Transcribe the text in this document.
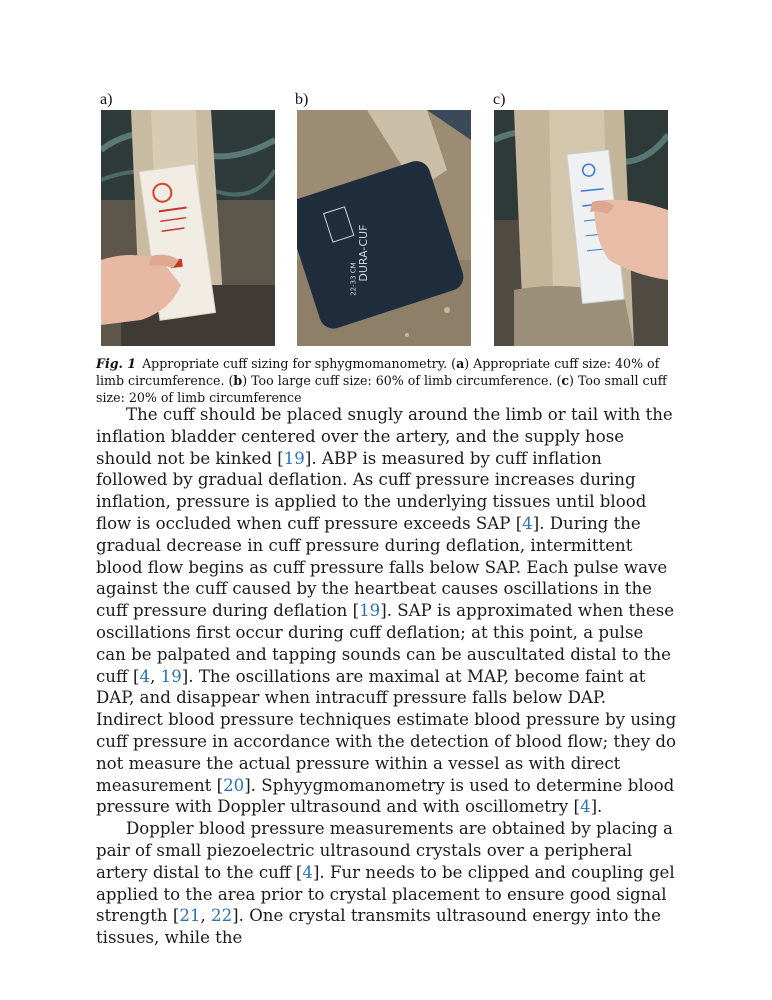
a)	b)	c)
DURA-CUF
22-33 CM
Fig. 1 Appropriate cuff sizing for sphygmomanometry. (a) Appropriate cuff size: 40% of limb circumference. (b) Too large cuff size: 60% of limb circumference. (c) Too small cuff size: 20% of limb circumference

The cuff should be placed snugly around the limb or tail with the inflation bladder centered over the artery, and the supply hose should not be kinked [19]. ABP is measured by cuff inflation followed by gradual deflation. As cuff pressure increases during inflation, pressure is applied to the underlying tissues until blood flow is occluded when cuff pressure exceeds SAP [4]. During the gradual decrease in cuff pressure during deflation, intermittent blood flow begins as cuff pressure falls below SAP. Each pulse wave against the cuff caused by the heartbeat causes oscillations in the cuff pressure during deflation [19]. SAP is approximated when these oscillations first occur during cuff deflation; at this point, a pulse can be palpated and tapping sounds can be auscultated distal to the cuff [4, 19]. The oscillations are maximal at MAP, become faint at DAP, and disappear when intracuff pressure falls below DAP. Indirect blood pressure techniques estimate blood pressure by using cuff pressure in accordance with the detection of blood flow; they do not measure the actual pressure within a vessel as with direct measurement [20]. Sphyygmomanometry is used to determine blood pressure with Doppler ultrasound and with oscillometry [4].

Doppler blood pressure measurements are obtained by placing a pair of small piezoelectric ultrasound crystals over a peripheral artery distal to the cuff [4]. Fur needs to be clipped and coupling gel applied to the area prior to crystal placement to ensure good signal strength [21, 22]. One crystal transmits ultrasound energy into the tissues, while the
